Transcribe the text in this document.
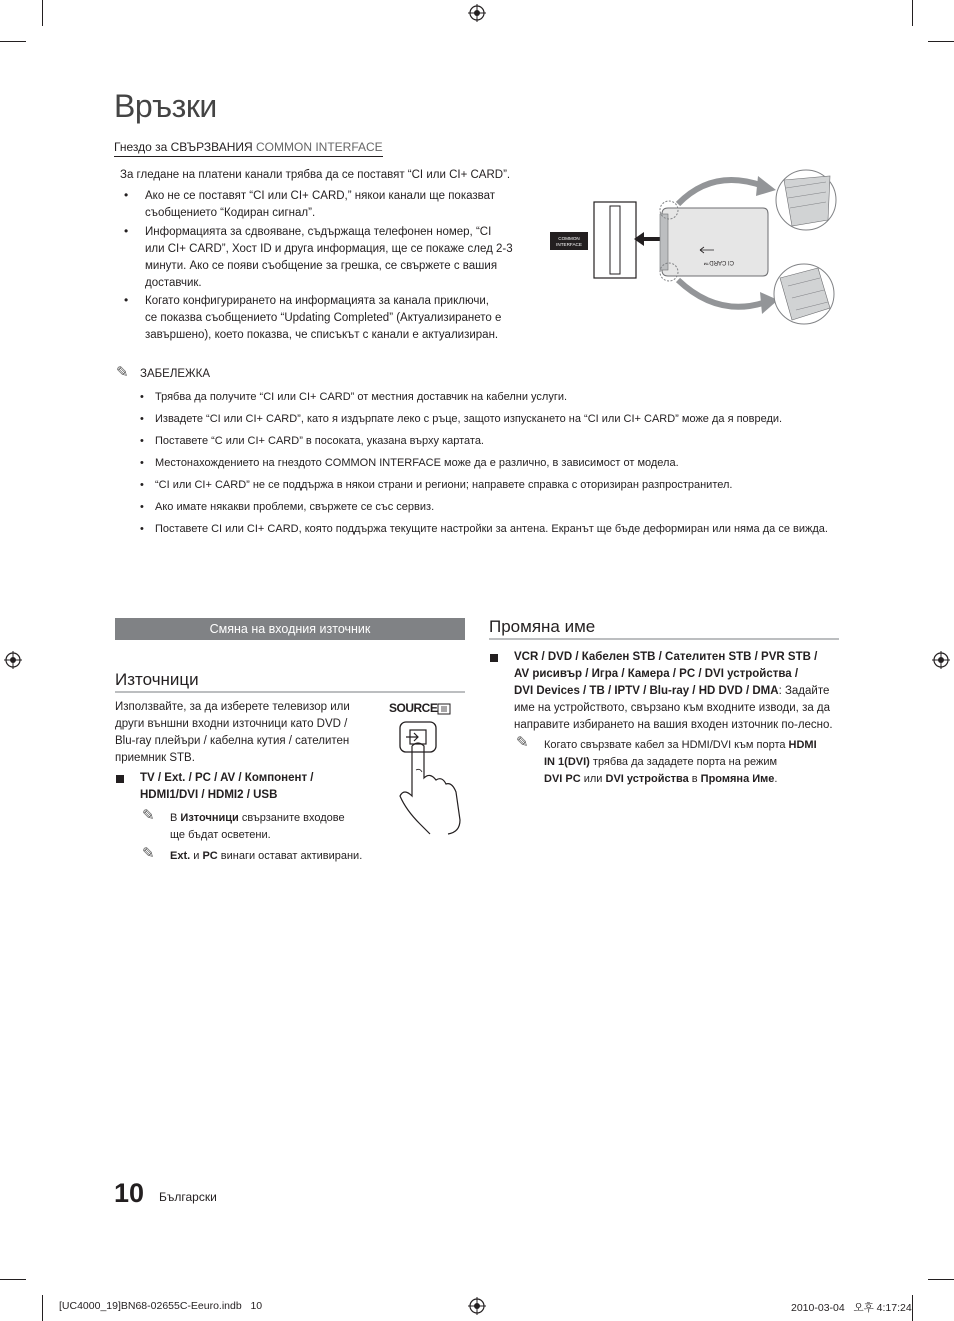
Връзки
Гнездо за СВЪРЗВАНИЯ COMMON INTERFACE
За гледане на платени канали трябва да се поставят “CI или CI+ CARD”.
• Ако не се поставят “CI или CI+ CARD,” някои канали ще показват
съобщението “Кодиран сигнал”.
• Информацията за сдвояване, съдържаща телефонен номер, “CI
или CI+ CARD”, Хост ID и друга информация, ще се покаже след 2-3
минути. Ако се появи съобщение за грешка, се свържете с вашия
доставчик.
• Когато конфигурирането на информацията за канала приключи,
се показва съобщението “Updating Completed” (Актуализирането е
завършено), което показва, че списъкът с канали е актуализиран.
COMMON
INTERFACE
CI CARD™
✎ ЗАБЕЛЕЖКА
• Трябва да получите “CI или CI+ CARD” от местния доставчик на кабелни услуги.
• Извадете “CI или CI+ CARD”, като я издърпате леко с ръце, защото изпускането на “CI или CI+ CARD” може да я повреди.
• Поставете “C или CI+ CARD” в посоката, указана върху картата.
• Местонахождението на гнездото COMMON INTERFACE може да е различно, в зависимост от модела.
• “CI или CI+ CARD” не се поддържа в някои страни и региони; направете справка с оторизиран разпространител.
• Ако имате някакви проблеми, свържете се със сервиз.
• Поставете CI или CI+ CARD, която поддържа текущите настройки за антена. Екранът ще бъде деформиран или няма да се вижда.
Смяна на входния източник
Източници
Използвайте, за да изберете телевизор или
други външни входни източници като DVD /
Blu-ray плейъри / кабелна кутия / сателитен
приемник STB.
TV / Ext. / PC / AV / Компонент /
HDMI1/DVI / HDMI2 / USB
✎ В Източници свързаните входове
ще бъдат осветени.
✎ Ext. и PC винаги остават активирани.
SOURCE
Промяна име
VCR / DVD / Кабелен STB / Сателитен STB / PVR STB /
AV рисивър / Игра / Камера / PC / DVI устройства /
DVI Devices / TB / IPTV / Blu-ray / HD DVD / DMA: Задайте
име на устройството, свързано към входните изводи, за да
направите избирането на вашия входен източник по-лесно.
✎ Когато свързвате кабел за HDMI/DVI към порта HDMI
IN 1(DVI) трябва да зададете порта на режим
DVI PC или DVI устройства в Промяна Име.
10 Български
[UC4000_19]BN68-02655C-Eeuro.indb   10	2010-03-04   오후 4:17:24
